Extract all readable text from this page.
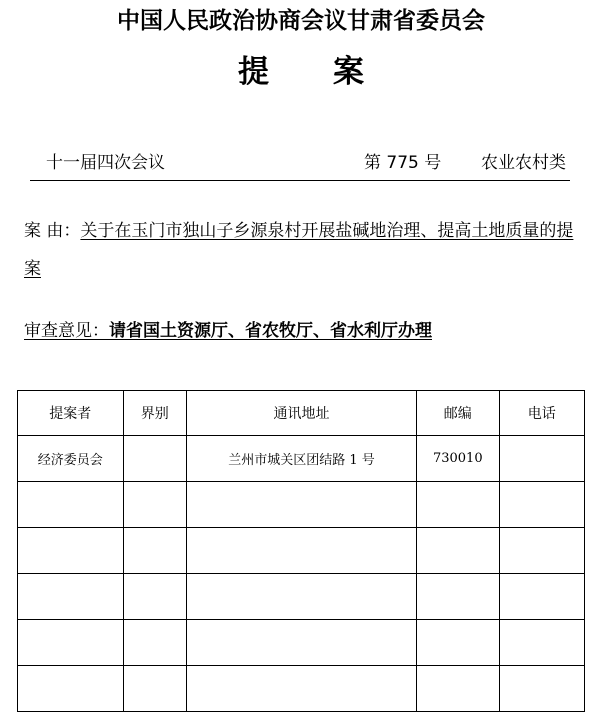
中国人民政治协商会议甘肃省委员会
提 案
十一届四次会议	第 775 号 农业农村类
案 由：关于在玉门市独山子乡源泉村开展盐碱地治理、提高土地质量的提案
审查意见：请省国土资源厅、省农牧厅、省水利厅办理
提案者	界别	通讯地址	邮编	电话
经济委员会		兰州市城关区团结路 1 号	730010	
